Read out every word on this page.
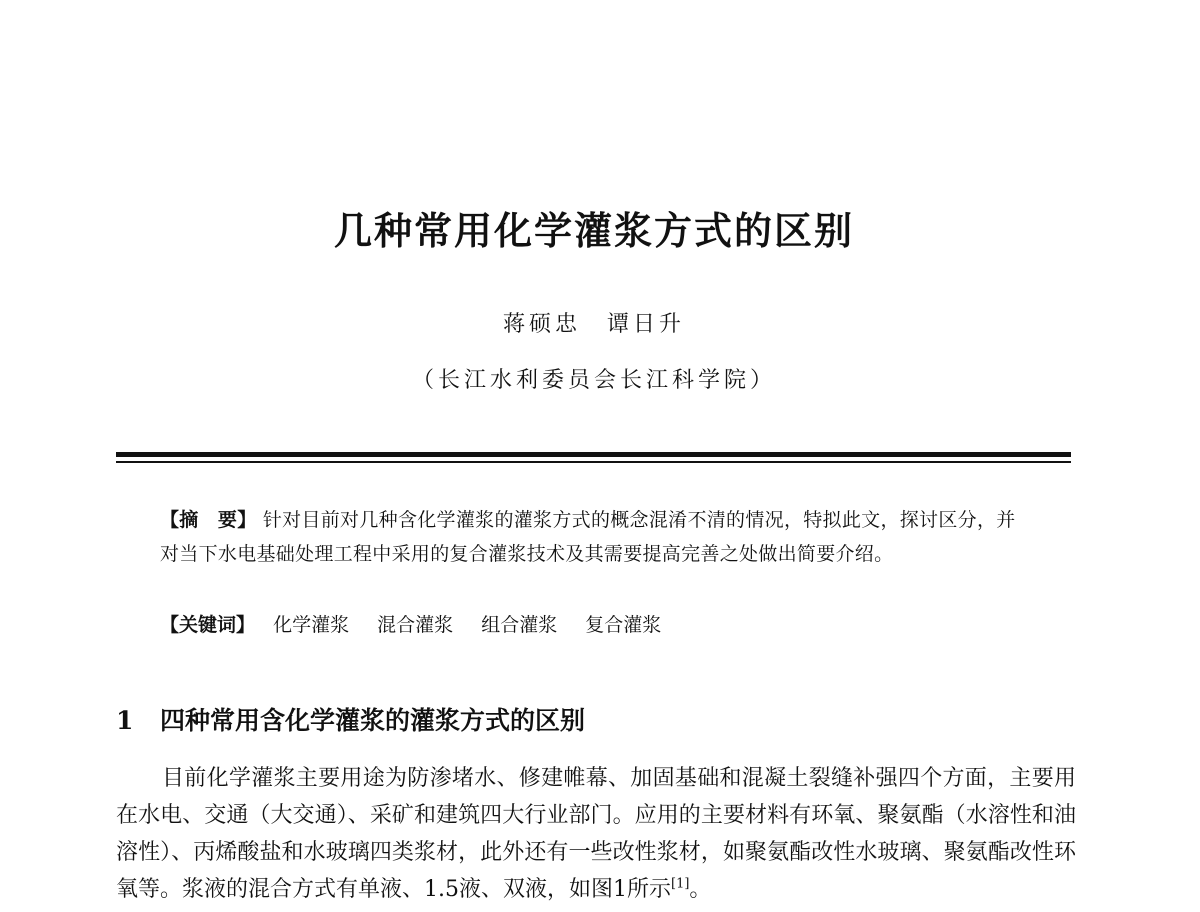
几种常用化学灌浆方式的区别
蒋硕忠　谭日升
（长江水利委员会长江科学院）
【摘　要】 针对目前对几种含化学灌浆的灌浆方式的概念混淆不清的情况，特拟此文，探讨区分，并对当下水电基础处理工程中采用的复合灌浆技术及其需要提高完善之处做出简要介绍。
【关键词】 化学灌浆 混合灌浆 组合灌浆 复合灌浆
1 四种常用含化学灌浆的灌浆方式的区别

目前化学灌浆主要用途为防渗堵水、修建帷幕、加固基础和混凝土裂缝补强四个方面，主要用在水电、交通（大交通）、采矿和建筑四大行业部门。应用的主要材料有环氧、聚氨酯（水溶性和油溶性）、丙烯酸盐和水玻璃四类浆材，此外还有一些改性浆材，如聚氨酯改性水玻璃、聚氨酯改性环氧等。浆液的混合方式有单液、1.5液、双液，如图1所示[1]。
